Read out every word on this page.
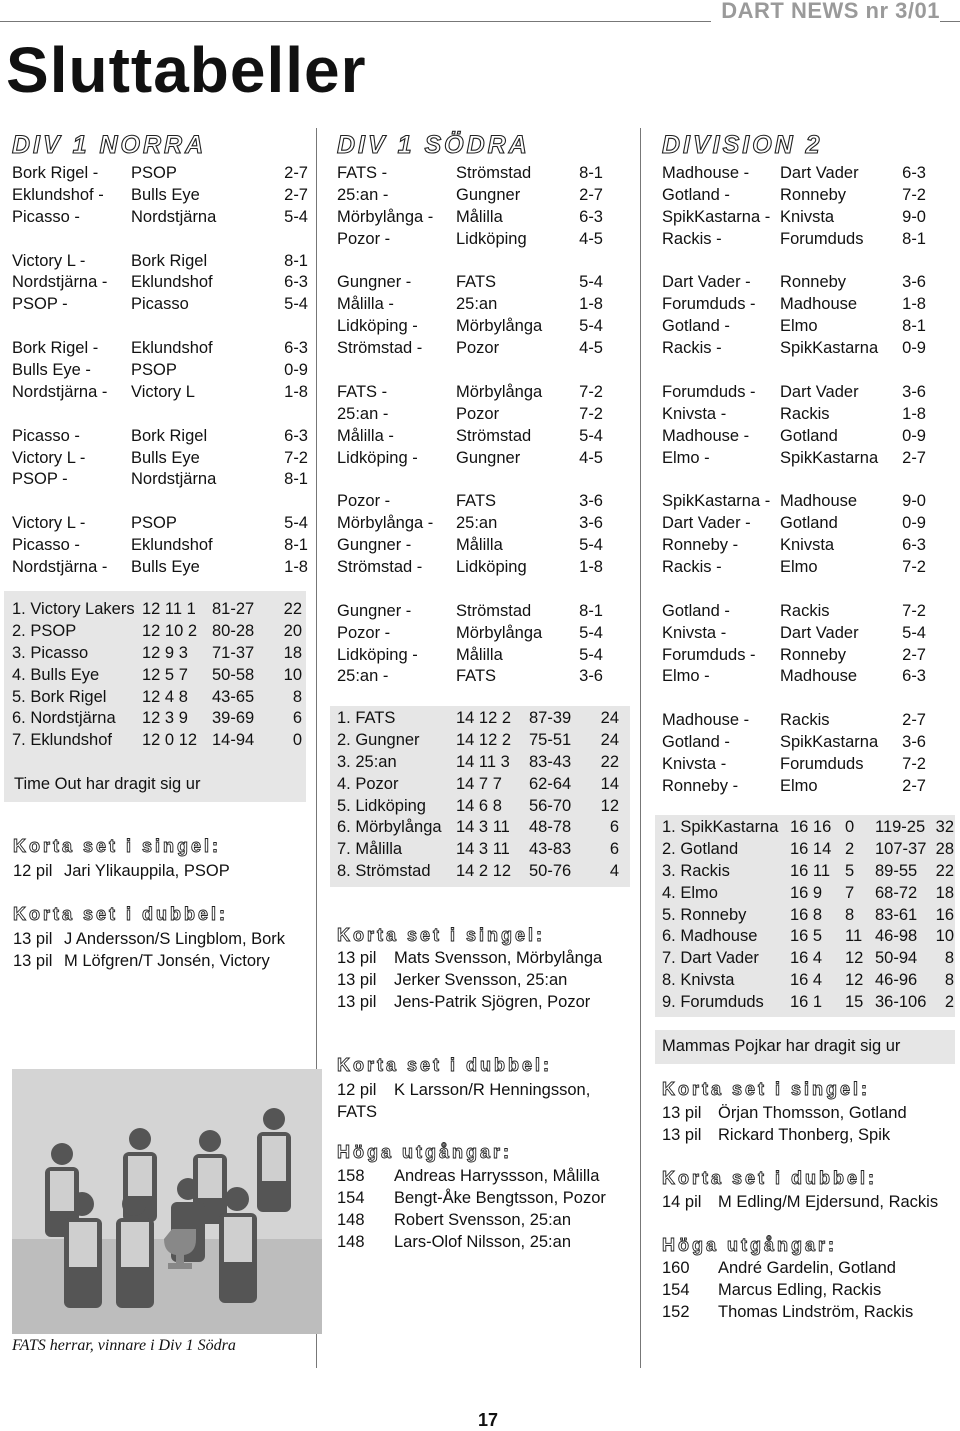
DART NEWS nr 3/01
Sluttabeller
DIV 1 NORRA
Bork Rigel -	PSOP	2-7
Eklundshof -	Bulls Eye	2-7
Picasso -	Nordstjärna	5-4
Victory L -	Bork Rigel	8-1
Nordstjärna -	Eklundshof	6-3
PSOP -	Picasso	5-4
Bork Rigel -	Eklundshof	6-3
Bulls Eye -	PSOP	0-9
Nordstjärna -	Victory L	1-8
Picasso -	Bork Rigel	6-3
Victory L -	Bulls Eye	7-2
PSOP -	Nordstjärna	8-1
Victory L -	PSOP	5-4
Picasso -	Eklundshof	8-1
Nordstjärna -	Bulls Eye	1-8
1. Victory Lakers 12 11 1 81-27	22
2. PSOP	12 10 2 80-28	20
3. Picasso	12 9 3	71-37	18
4. Bulls Eye	12 5 7	50-58	10
5. Bork Rigel	12 4 8	43-65	8
6. Nordstjärna	12 3 9	39-69	6
7. Eklundshof	12 0 12 14-94	0
Time Out har dragit sig ur
Korta set i singel:
12 pil Jari Ylikauppila, PSOP
Korta set i dubbel:
13 pil J Andersson/S Lingblom, Bork
13 pil M Löfgren/T Jonsén, Victory
FATS herrar, vinnare i Div 1 Södra
DIV 1 SÖDRA
FATS -	Strömstad	8-1
25:an -	Gungner	2-7
Mörbylånga -	Målilla	6-3
Pozor -	Lidköping	4-5
Gungner -	FATS	5-4
Målilla -	25:an	1-8
Lidköping -	Mörbylånga	5-4
Strömstad -	Pozor	4-5
FATS -	Mörbylånga	7-2
25:an -	Pozor	7-2
Målilla -	Strömstad	5-4
Lidköping -	Gungner	4-5
Pozor -	FATS	3-6
Mörbylånga -	25:an	3-6
Gungner -	Målilla	5-4
Strömstad -	Lidköping	1-8
Gungner -	Strömstad	8-1
Pozor -	Mörbylånga	5-4
Lidköping -	Målilla	5-4
25:an -	FATS	3-6
1. FATS	14 12 2	87-39	24
2. Gungner	14 12 2	75-51	24
3. 25:an	14 11 3	83-43	22
4. Pozor	14 7 7	62-64	14
5. Lidköping	14 6 8	56-70	12
6. Mörbylånga 14 3 11	48-78	6
7. Målilla	14 3 11	43-83	6
8. Strömstad	14 2 12	50-76	4
Korta set i singel:
13 pil	Mats Svensson, Mörbylånga
13 pil	Jerker Svensson, 25:an
13 pil	Jens-Patrik Sjögren, Pozor
Korta set i dubbel:
12 pil K Larsson/R Henningsson,
FATS
Höga utgångar:
158	Andreas Harryssson, Målilla
154	Bengt-Åke Bengtsson, Pozor
148	Robert Svensson, 25:an
148	Lars-Olof Nilsson, 25:an
DIVISION 2
Madhouse -	Dart Vader	6-3
Gotland -	Ronneby	7-2
SpikKastarna - Knivsta	9-0
Rackis -	Forumduds	8-1
Dart Vader -	Ronneby	3-6
Forumduds -	Madhouse	1-8
Gotland -	Elmo	8-1
Rackis -	SpikKastarna	0-9
Forumduds -	Dart Vader	3-6
Knivsta -	Rackis	1-8
Madhouse -	Gotland	0-9
Elmo -	SpikKastarna	2-7
SpikKastarna - Madhouse	9-0
Dart Vader -	Gotland	0-9
Ronneby -	Knivsta	6-3
Rackis -	Elmo	7-2
Gotland -	Rackis	7-2
Knivsta -	Dart Vader	5-4
Forumduds -	Ronneby	2-7
Elmo -	Madhouse	6-3
Madhouse -	Rackis	2-7
Gotland -	SpikKastarna	3-6
Knivsta -	Forumduds	7-2
Ronneby -	Elmo	2-7
1. SpikKastarna 16 16 0	119-25 32
2. Gotland	16 14 2	107-37 28
3. Rackis	16 11 5	89-55	22
4. Elmo	16 9	7	68-72	18
5. Ronneby	16 8	8	83-61	16
6. Madhouse	16 5	11 46-98	10
7. Dart Vader	16 4	12 50-94	8
8. Knivsta	16 4	12 46-96	8
9. Forumduds	16 1	15 36-106	2
Mammas Pojkar har dragit sig ur
Korta set i singel:
13 pil	Örjan Thomsson, Gotland
13 pil	Rickard Thonberg, Spik
Korta set i dubbel:
14 pil	M Edling/M Ejdersund, Rackis
Höga utgångar:
160	André Gardelin, Gotland
154	Marcus Edling, Rackis
152	Thomas Lindström, Rackis
17
